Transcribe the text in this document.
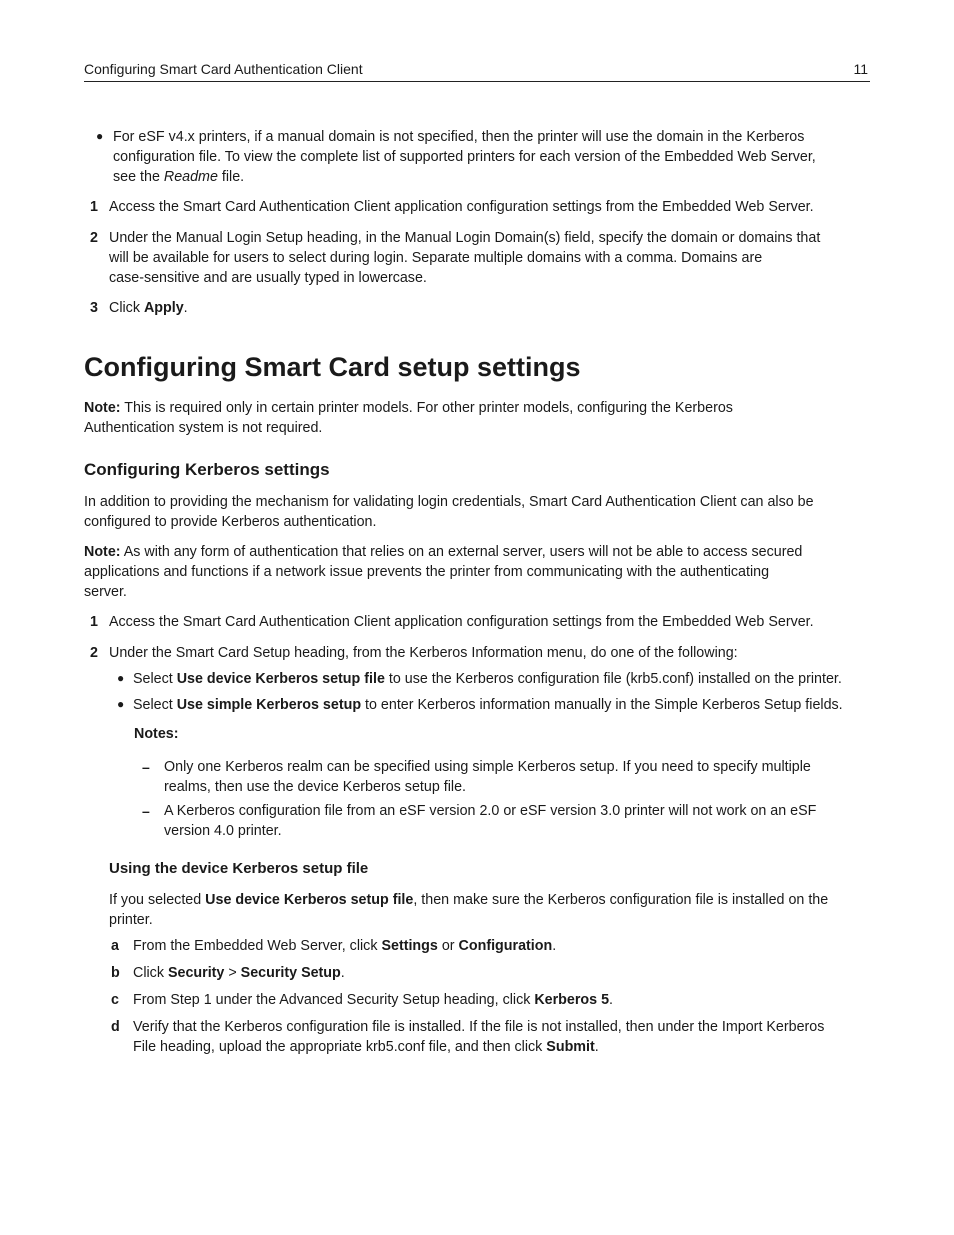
Configuring Smart Card Authentication Client	11
● For eSF v4.x printers, if a manual domain is not specified, then the printer will use the domain in the Kerberos
configuration file. To view the complete list of supported printers for each version of the Embedded Web Server,
see the Readme file.
1 Access the Smart Card Authentication Client application configuration settings from the Embedded Web Server.
2 Under the Manual Login Setup heading, in the Manual Login Domain(s) field, specify the domain or domains that
will be available for users to select during login. Separate multiple domains with a comma. Domains are
case-sensitive and are usually typed in lowercase.
3 Click Apply.
Configuring Smart Card setup settings
Note: This is required only in certain printer models. For other printer models, configuring the Kerberos
Authentication system is not required.
Configuring Kerberos settings
In addition to providing the mechanism for validating login credentials, Smart Card Authentication Client can also be
configured to provide Kerberos authentication.
Note: As with any form of authentication that relies on an external server, users will not be able to access secured
applications and functions if a network issue prevents the printer from communicating with the authenticating
server.
1 Access the Smart Card Authentication Client application configuration settings from the Embedded Web Server.
2 Under the Smart Card Setup heading, from the Kerberos Information menu, do one of the following:
● Select Use device Kerberos setup file to use the Kerberos configuration file (krb5.conf) installed on the printer.
● Select Use simple Kerberos setup to enter Kerberos information manually in the Simple Kerberos Setup fields.
Notes:
– Only one Kerberos realm can be specified using simple Kerberos setup. If you need to specify multiple
realms, then use the device Kerberos setup file.
– A Kerberos configuration file from an eSF version 2.0 or eSF version 3.0 printer will not work on an eSF
version 4.0 printer.
Using the device Kerberos setup file
If you selected Use device Kerberos setup file, then make sure the Kerberos configuration file is installed on the
printer.
a From the Embedded Web Server, click Settings or Configuration.
b Click Security > Security Setup.
c From Step 1 under the Advanced Security Setup heading, click Kerberos 5.
d Verify that the Kerberos configuration file is installed. If the file is not installed, then under the Import Kerberos
File heading, upload the appropriate krb5.conf file, and then click Submit.
